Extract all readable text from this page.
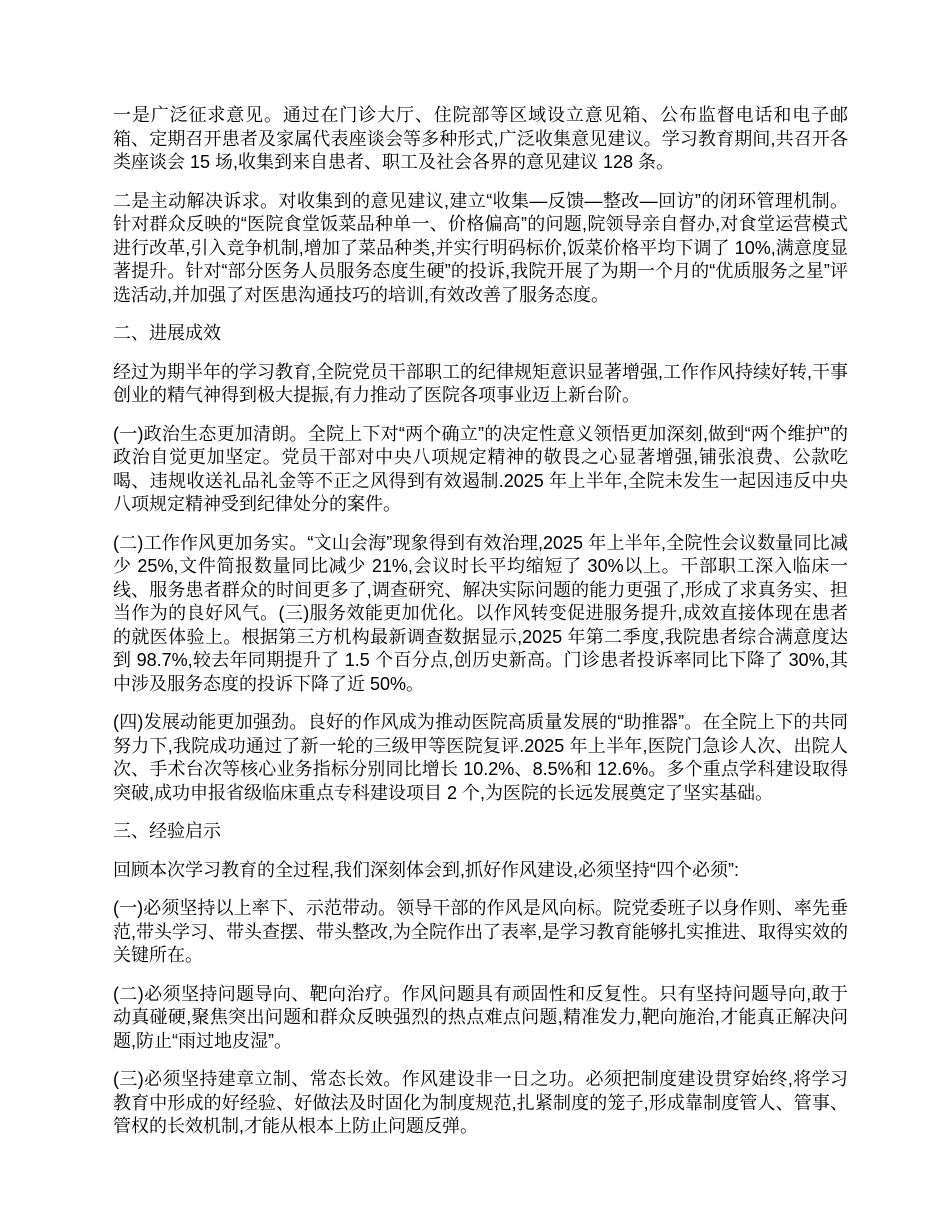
一是广泛征求意见。通过在门诊大厅、住院部等区域设立意见箱、公布监督电话和电子邮箱、定期召开患者及家属代表座谈会等多种形式,广泛收集意见建议。学习教育期间,共召开各类座谈会 15 场,收集到来自患者、职工及社会各界的意见建议 128 条。

二是主动解决诉求。对收集到的意见建议,建立“收集—反馈—整改—回访”的闭环管理机制。针对群众反映的“医院食堂饭菜品种单一、价格偏高”的问题,院领导亲自督办,对食堂运营模式进行改革,引入竞争机制,增加了菜品种类,并实行明码标价,饭菜价格平均下调了 10%,满意度显著提升。针对“部分医务人员服务态度生硬”的投诉,我院开展了为期一个月的“优质服务之星”评选活动,并加强了对医患沟通技巧的培训,有效改善了服务态度。

二、进展成效

经过为期半年的学习教育,全院党员干部职工的纪律规矩意识显著增强,工作作风持续好转,干事创业的精气神得到极大提振,有力推动了医院各项事业迈上新台阶。

(一)政治生态更加清朗。全院上下对“两个确立”的决定性意义领悟更加深刻,做到“两个维护”的政治自觉更加坚定。党员干部对中央八项规定精神的敬畏之心显著增强,铺张浪费、公款吃喝、违规收送礼品礼金等不正之风得到有效遏制.2025 年上半年,全院未发生一起因违反中央八项规定精神受到纪律处分的案件。

(二)工作作风更加务实。“文山会海”现象得到有效治理,2025 年上半年,全院性会议数量同比减少 25%,文件简报数量同比减少 21%,会议时长平均缩短了 30%以上。干部职工深入临床一线、服务患者群众的时间更多了,调查研究、解决实际问题的能力更强了,形成了求真务实、担当作为的良好风气。(三)服务效能更加优化。以作风转变促进服务提升,成效直接体现在患者的就医体验上。根据第三方机构最新调查数据显示,2025 年第二季度,我院患者综合满意度达到 98.7%,较去年同期提升了 1.5 个百分点,创历史新高。门诊患者投诉率同比下降了 30%,其中涉及服务态度的投诉下降了近 50%。

(四)发展动能更加强劲。良好的作风成为推动医院高质量发展的“助推器”。在全院上下的共同努力下,我院成功通过了新一轮的三级甲等医院复评.2025 年上半年,医院门急诊人次、出院人次、手术台次等核心业务指标分别同比增长 10.2%、8.5%和 12.6%。多个重点学科建设取得突破,成功申报省级临床重点专科建设项目 2 个,为医院的长远发展奠定了坚实基础。

三、经验启示

回顾本次学习教育的全过程,我们深刻体会到,抓好作风建设,必须坚持“四个必须”:

(一)必须坚持以上率下、示范带动。领导干部的作风是风向标。院党委班子以身作则、率先垂范,带头学习、带头查摆、带头整改,为全院作出了表率,是学习教育能够扎实推进、取得实效的关键所在。

(二)必须坚持问题导向、靶向治疗。作风问题具有顽固性和反复性。只有坚持问题导向,敢于动真碰硬,聚焦突出问题和群众反映强烈的热点难点问题,精准发力,靶向施治,才能真正解决问题,防止“雨过地皮湿”。

(三)必须坚持建章立制、常态长效。作风建设非一日之功。必须把制度建设贯穿始终,将学习教育中形成的好经验、好做法及时固化为制度规范,扎紧制度的笼子,形成靠制度管人、管事、管权的长效机制,才能从根本上防止问题反弹。
